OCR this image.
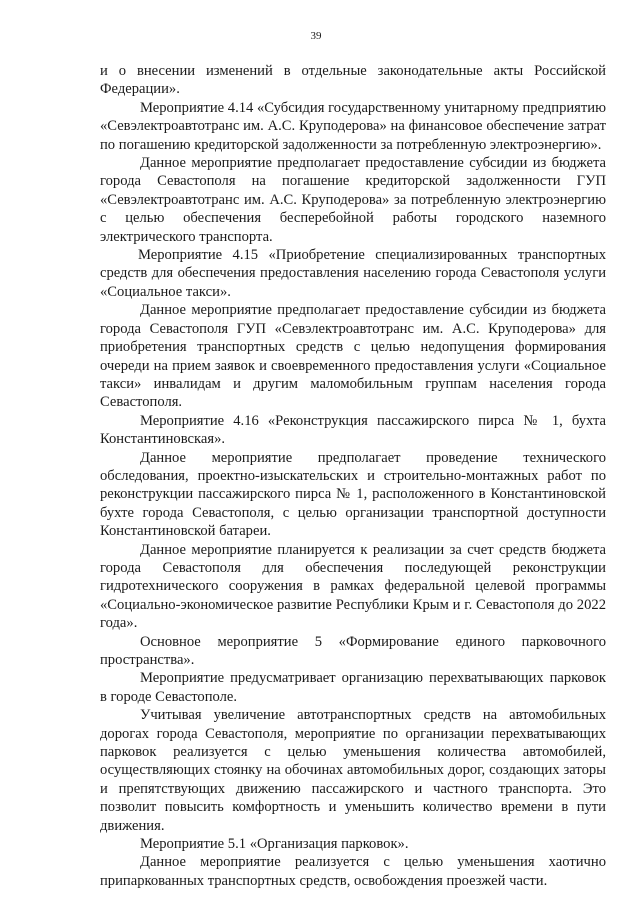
39

и о внесении изменений в отдельные законодательные акты Российской Федерации».

Мероприятие 4.14 «Субсидия государственному унитарному предприятию «Севэлектроавтотранс им. А.С. Круподерова» на финансовое обеспечение затрат по погашению кредиторской задолженности за потребленную электроэнергию».

Данное мероприятие предполагает предоставление субсидии из бюджета города Севастополя на погашение кредиторской задолженности ГУП «Севэлектроавтотранс им. А.С. Круподерова» за потребленную электроэнергию с целью обеспечения бесперебойной работы городского наземного электрического транспорта.

Мероприятие 4.15 «Приобретение специализированных транспортных средств для обеспечения предоставления населению города Севастополя услуги «Социальное такси».

Данное мероприятие предполагает предоставление субсидии из бюджета города Севастополя ГУП «Севэлектроавтотранс им. А.С. Круподерова» для приобретения транспортных средств с целью недопущения формирования очереди на прием заявок и своевременного предоставления услуги «Социальное такси» инвалидам и другим маломобильным группам населения города Севастополя.

Мероприятие 4.16 «Реконструкция пассажирского пирса № 1, бухта Константиновская».

Данное мероприятие предполагает проведение технического обследования, проектно-изыскательских и строительно-монтажных работ по реконструкции пассажирского пирса № 1, расположенного в Константиновской бухте города Севастополя, с целью организации транспортной доступности Константиновской батареи.

Данное мероприятие планируется к реализации за счет средств бюджета города Севастополя для обеспечения последующей реконструкции гидротехнического сооружения в рамках федеральной целевой программы «Социально-экономическое развитие Республики Крым и г. Севастополя до 2022 года».

Основное мероприятие 5 «Формирование единого парковочного пространства».

Мероприятие предусматривает организацию перехватывающих парковок в городе Севастополе.

Учитывая увеличение автотранспортных средств на автомобильных дорогах города Севастополя, мероприятие по организации перехватывающих парковок реализуется с целью уменьшения количества автомобилей, осуществляющих стоянку на обочинах автомобильных дорог, создающих заторы и препятствующих движению пассажирского и частного транспорта. Это позволит повысить комфортность и уменьшить количество времени в пути движения.

Мероприятие 5.1 «Организация парковок».

Данное мероприятие реализуется с целью уменьшения хаотично припаркованных транспортных средств, освобождения проезжей части.
